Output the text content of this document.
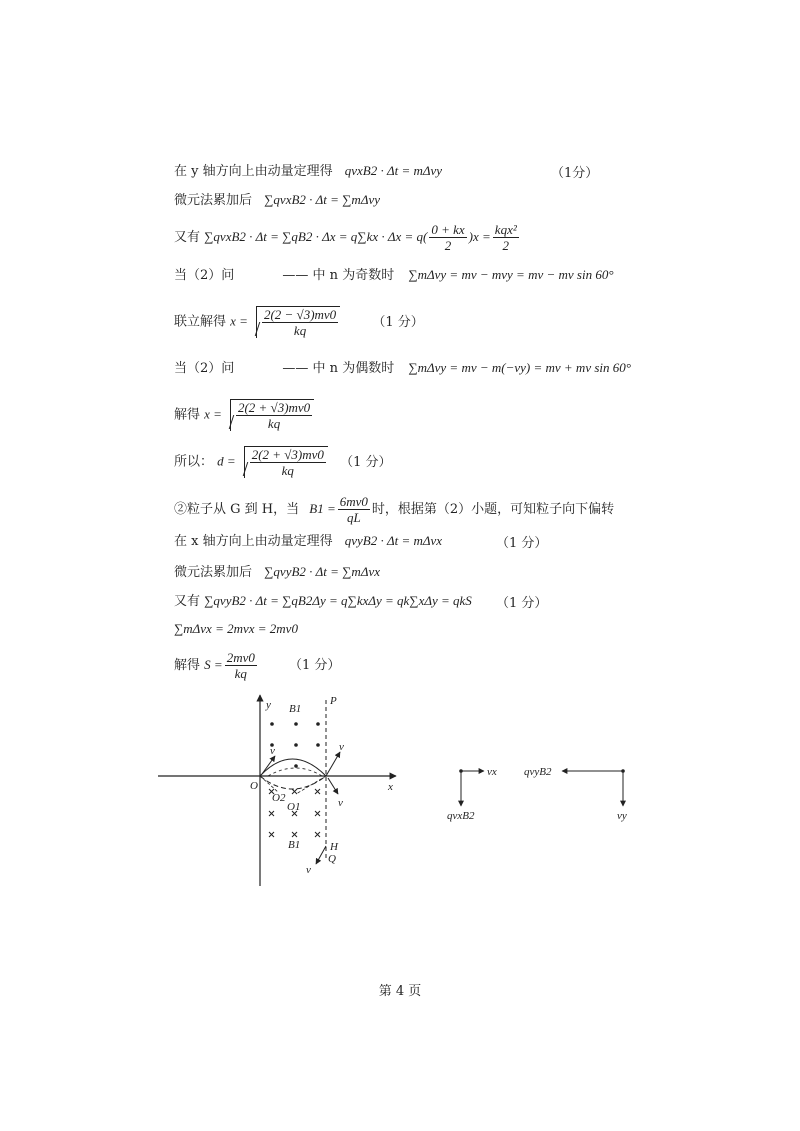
在 y 轴方向上由动量定理得 qvxB2 · Δt = mΔvy	（1分）
微元法累加后 ∑qvxB2 · Δt = ∑mΔvy
又有 ∑qvxB2 · $\Delta t = \sum qB2 \cdot \Delta x = q\sum kx \cdot \Delta x = q( \frac{0 + kx}{2} )x = \frac{\text{kqx²}}{2}$
当（2）问	—— 中 n 为奇数时 ∑mΔvy = mv − mvy = mv − mv sin 60°
联立解得 $x = \frac{2(2 - √3)mv0}{kq}$	（1 分）
当（2）问	—— 中 n 为偶数时 ∑mΔvy = mv − m(−vy) = mv + mv sin 60°
解得 $x = \frac{2(2 + √3)mv0}{kq}$
所以： $d = \frac{2(2 + √3)mv0}{kq} (1$ 分）
②粒子从 G 到 H，当 $B1 = \frac{6mv0}{qL}$ 时，根据第（2）小题，可知粒子向下偏转
在 x 轴方向上由动量定理得 qvyB2 · Δt = mΔvx	（1 分）
微元法累加后 ∑qvyB2 · Δt = ∑mΔvx
又有 ∑qvyB2 · Δt = ∑qB2Δy = q∑kxΔy = qk∑xΔy = qkS （1 分）
∑mΔvx = 2mvx = 2mv0
解得 $S = \frac{2mv0}{kq} (1$ 分）
y
x
O
P
B1
B1
O2
O1
v	v
v
v
H
Q
vx
qvxB2
qvyB2
vy
第 4 页
